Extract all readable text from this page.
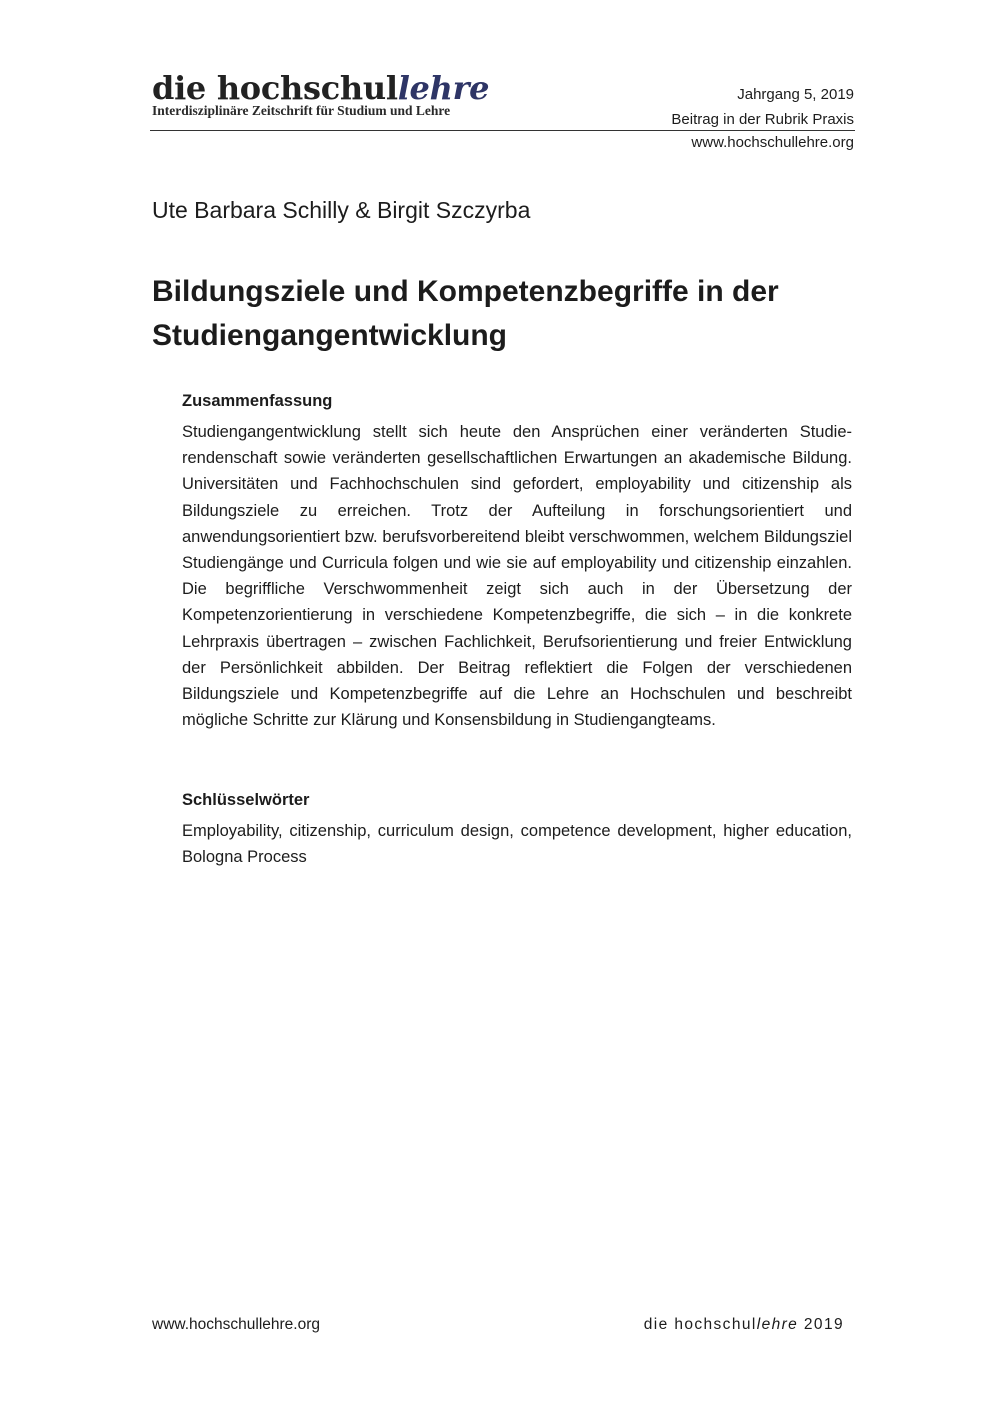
die hochschullehre
Interdisziplinäre Zeitschrift für Studium und Lehre
Jahrgang 5, 2019
Beitrag in der Rubrik Praxis
www.hochschullehre.org
Ute Barbara Schilly & Birgit Szczyrba
Bildungsziele und Kompetenzbegriffe in der Studiengangentwicklung
Zusammenfassung

Studiengangentwicklung stellt sich heute den Ansprüchen einer veränderten Studierendenschaft sowie veränderten gesellschaftlichen Erwartungen an akademische Bildung. Universitäten und Fachhochschulen sind gefordert, employability und citizenship als Bildungsziele zu erreichen. Trotz der Aufteilung in forschungsorientiert und anwendungsorientiert bzw. berufsvorbereitend bleibt verschwommen, welchem Bildungsziel Studiengänge und Curricula folgen und wie sie auf employability und citizenship einzahlen. Die begriffliche Verschwommenheit zeigt sich auch in der Übersetzung der Kompetenzorientierung in verschiedene Kompetenzbegriffe, die sich – in die konkrete Lehrpraxis übertragen – zwischen Fachlichkeit, Berufsorientierung und freier Entwicklung der Persönlichkeit abbilden. Der Beitrag reflektiert die Folgen der verschiedenen Bildungsziele und Kompetenzbegriffe auf die Lehre an Hochschulen und beschreibt mögliche Schritte zur Klärung und Konsensbildung in Studiengangteams.

Schlüsselwörter

Employability, citizenship, curriculum design, competence development, higher education, Bologna Process

www.hochschullehre.org	die hochschullehre 2019
